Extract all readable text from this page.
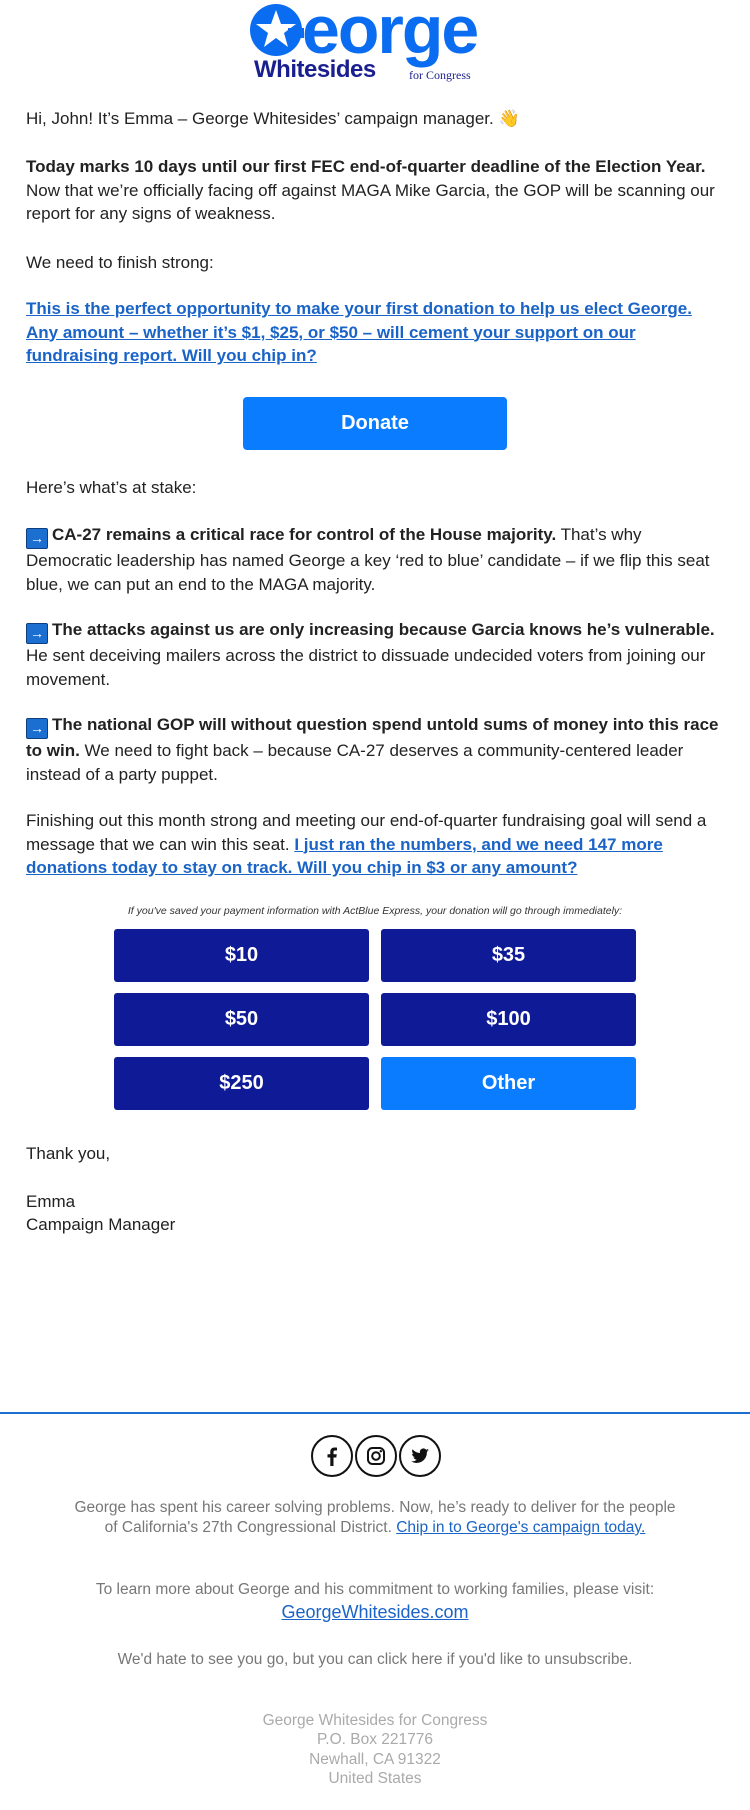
eorge
Whitesides	for Congress
Hi, John! It’s Emma – George Whitesides’ campaign manager. 👋
Today marks 10 days until our first FEC end-of-quarter deadline of the Election Year. Now that we’re officially facing off against MAGA Mike Garcia, the GOP will be scanning our report for any signs of weakness.
We need to finish strong:
This is the perfect opportunity to make your first donation to help us elect George. Any amount – whether it’s $1, $25, or $50 – will cement your support on our fundraising report. Will you chip in?
Donate
Here’s what’s at stake:
→ CA-27 remains a critical race for control of the House majority. That’s why Democratic leadership has named George a key ‘red to blue’ candidate – if we flip this seat blue, we can put an end to the MAGA majority.
→ The attacks against us are only increasing because Garcia knows he’s vulnerable. He sent deceiving mailers across the district to dissuade undecided voters from joining our movement.
→ The national GOP will without question spend untold sums of money into this race to win. We need to fight back – because CA-27 deserves a community-centered leader instead of a party puppet.
Finishing out this month strong and meeting our end-of-quarter fundraising goal will send a message that we can win this seat. I just ran the numbers, and we need 147 more donations today to stay on track. Will you chip in $3 or any amount?
If you've saved your payment information with ActBlue Express, your donation will go through immediately:
$10	$35
$50	$100
$250	Other
Thank you,
Emma
Campaign Manager
George has spent his career solving problems. Now, he’s ready to deliver for the people of California's 27th Congressional District. Chip in to George's campaign today.
To learn more about George and his commitment to working families, please visit:
GeorgeWhitesides.com
We'd hate to see you go, but you can click here if you'd like to unsubscribe.
George Whitesides for Congress
P.O. Box 221776
Newhall, CA 91322
United States
